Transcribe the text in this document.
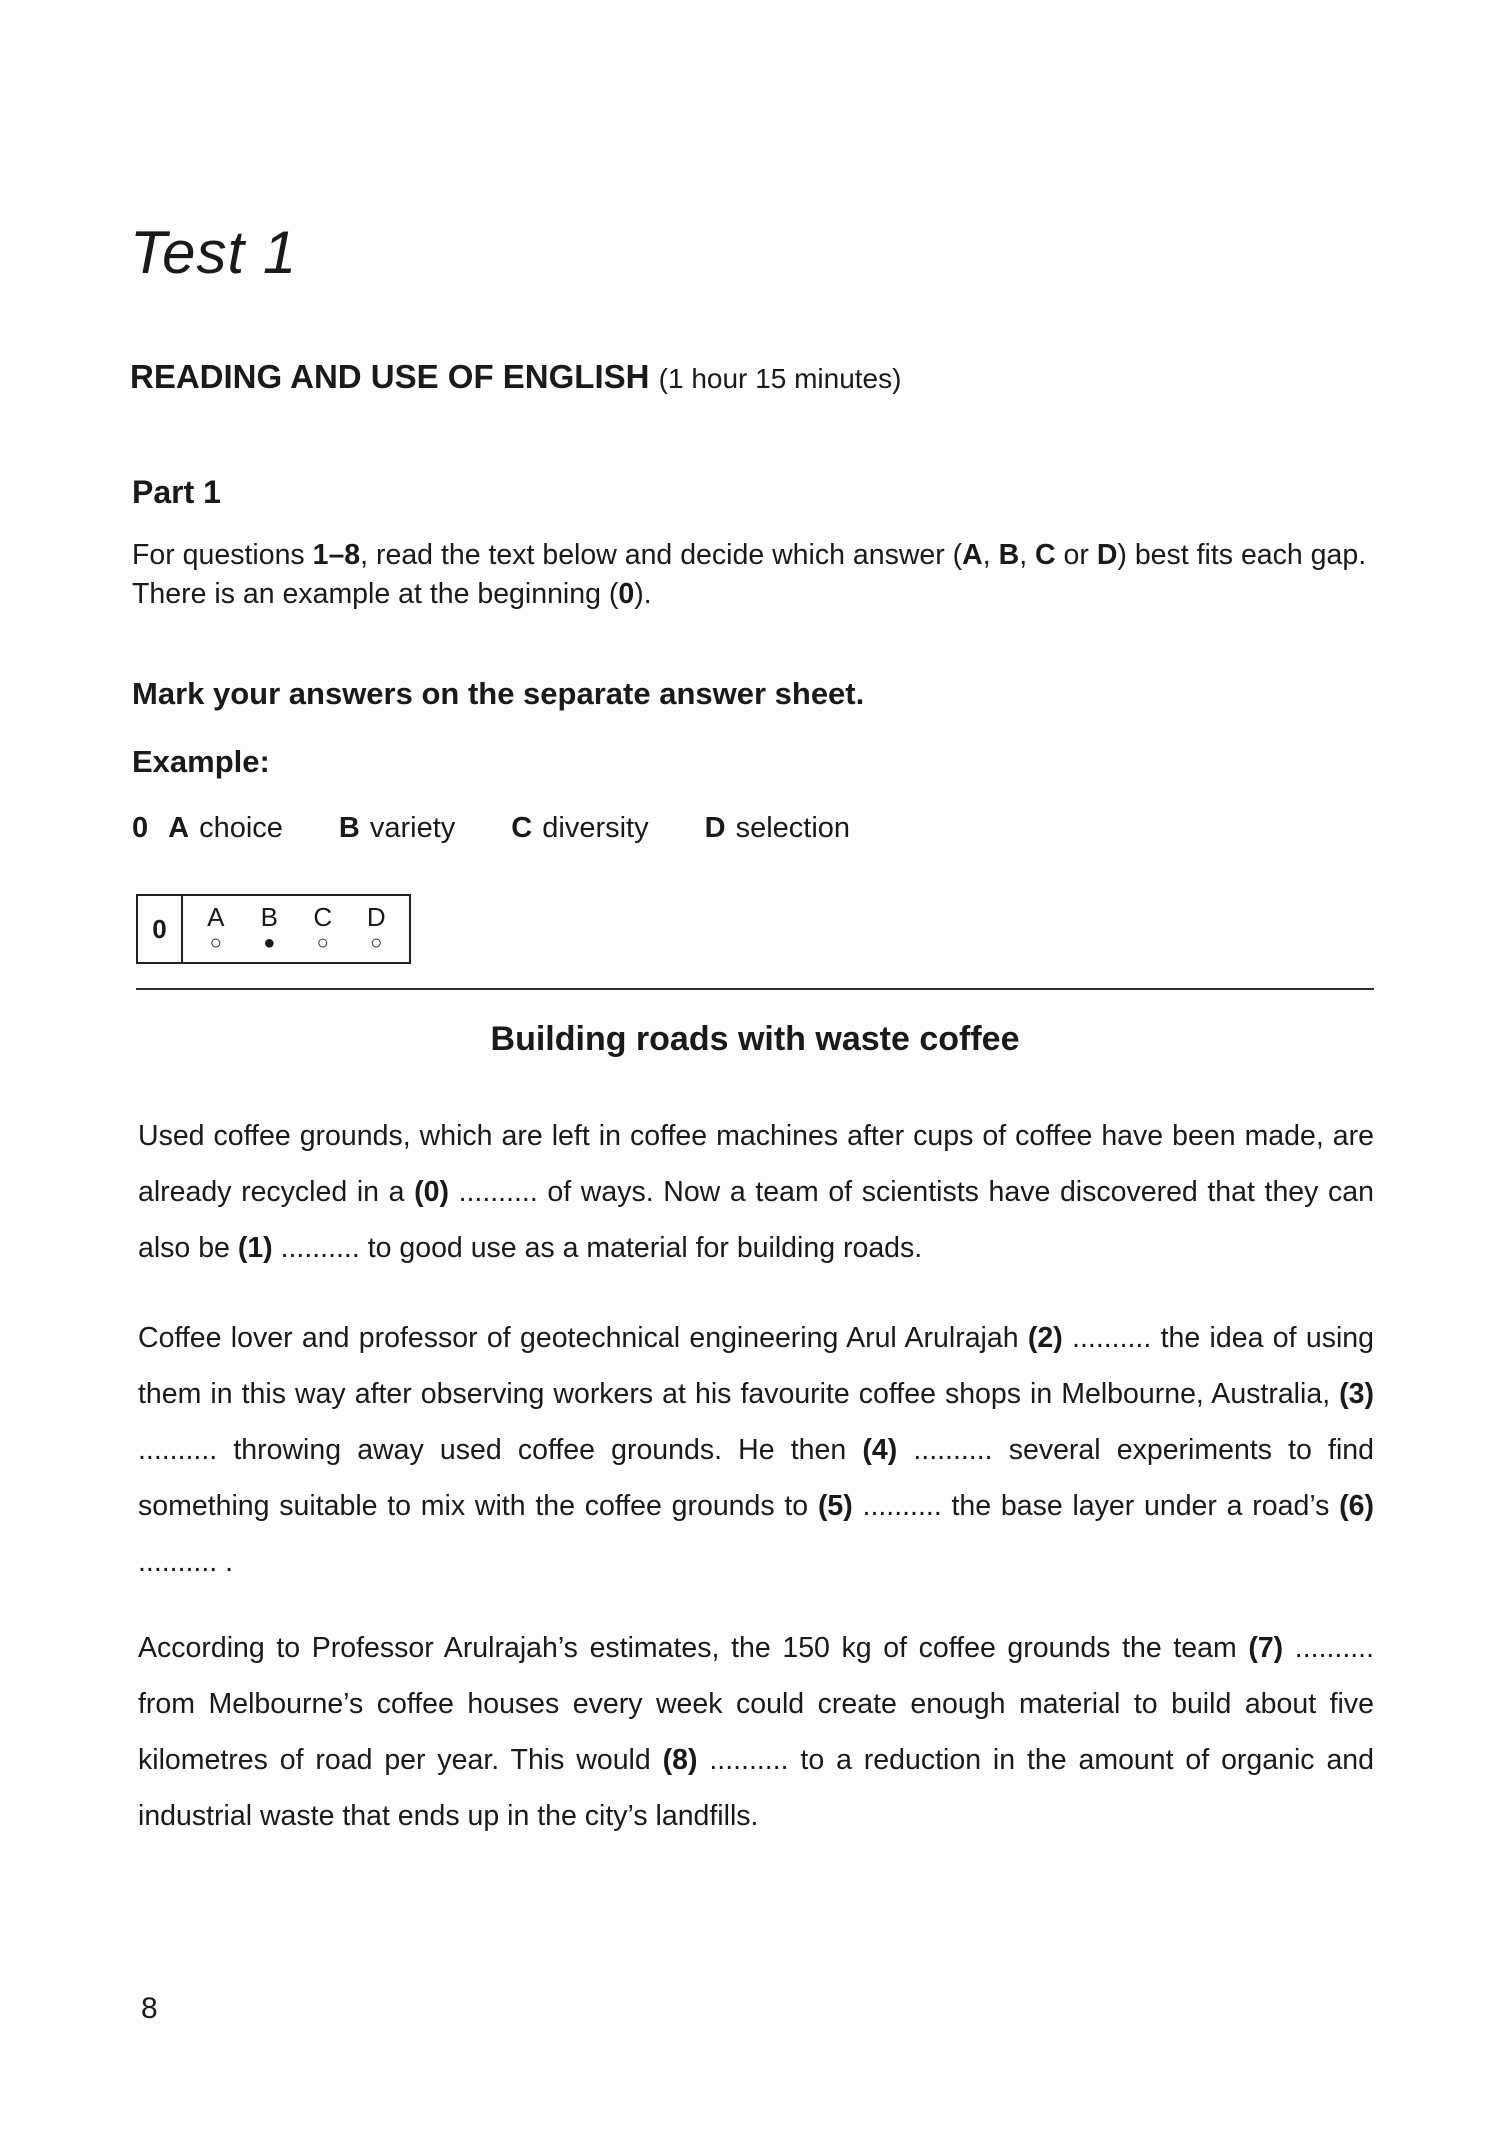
Test 1
READING AND USE OF ENGLISH (1 hour 15 minutes)
Part 1
For questions 1–8, read the text below and decide which answer (A, B, C or D) best fits each gap.
There is an example at the beginning (0).
Mark your answers on the separate answer sheet.
Example:
0 A choice B variety C diversity D selection
0	A
○
B
●
C
○
D
○
Building roads with waste coffee
Used coffee grounds, which are left in coffee machines after cups of coffee have been made, are already recycled in a (0) .......... of ways. Now a team of scientists have discovered that they can also be (1) .......... to good use as a material for building roads.
Coffee lover and professor of geotechnical engineering Arul Arulrajah (2) .......... the idea of using them in this way after observing workers at his favourite coffee shops in Melbourne, Australia, (3) .......... throwing away used coffee grounds. He then (4) .......... several experiments to find something suitable to mix with the coffee grounds to (5) .......... the base layer under a road’s (6) .......... .
According to Professor Arulrajah’s estimates, the 150 kg of coffee grounds the team (7) .......... from Melbourne’s coffee houses every week could create enough material to build about five kilometres of road per year. This would (8) .......... to a reduction in the amount of organic and industrial waste that ends up in the city’s landfills.
8
